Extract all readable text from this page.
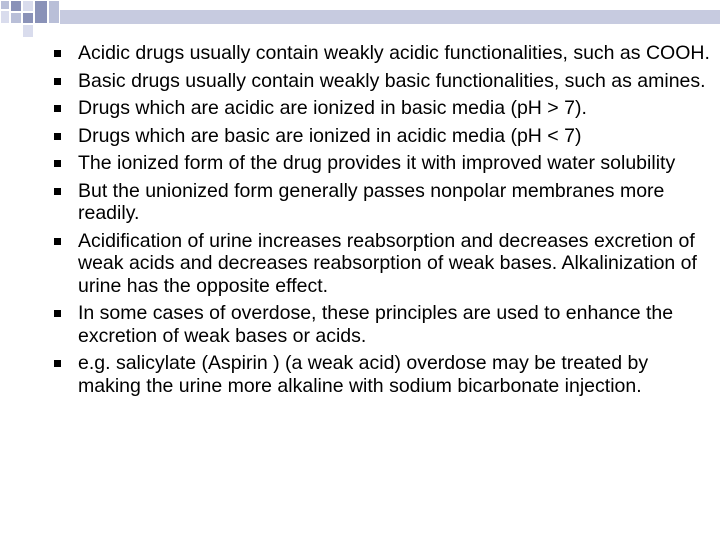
Acidic drugs usually contain weakly acidic functionalities, such as COOH.
Basic drugs usually contain weakly basic functionalities, such as amines.
Drugs which are acidic are ionized in basic media (pH > 7).
Drugs which are basic are ionized in acidic media (pH < 7)
The ionized form of the drug provides it with improved water solubility
But the unionized form generally passes nonpolar membranes more readily.
Acidification of urine increases reabsorption and decreases excretion of weak acids and decreases reabsorption of weak bases. Alkalinization of urine has the opposite effect.
In some cases of overdose, these principles are used to enhance the excretion of weak bases or acids.
e.g. salicylate (Aspirin ) (a weak acid) overdose may be treated by making the urine more alkaline with sodium bicarbonate injection.
